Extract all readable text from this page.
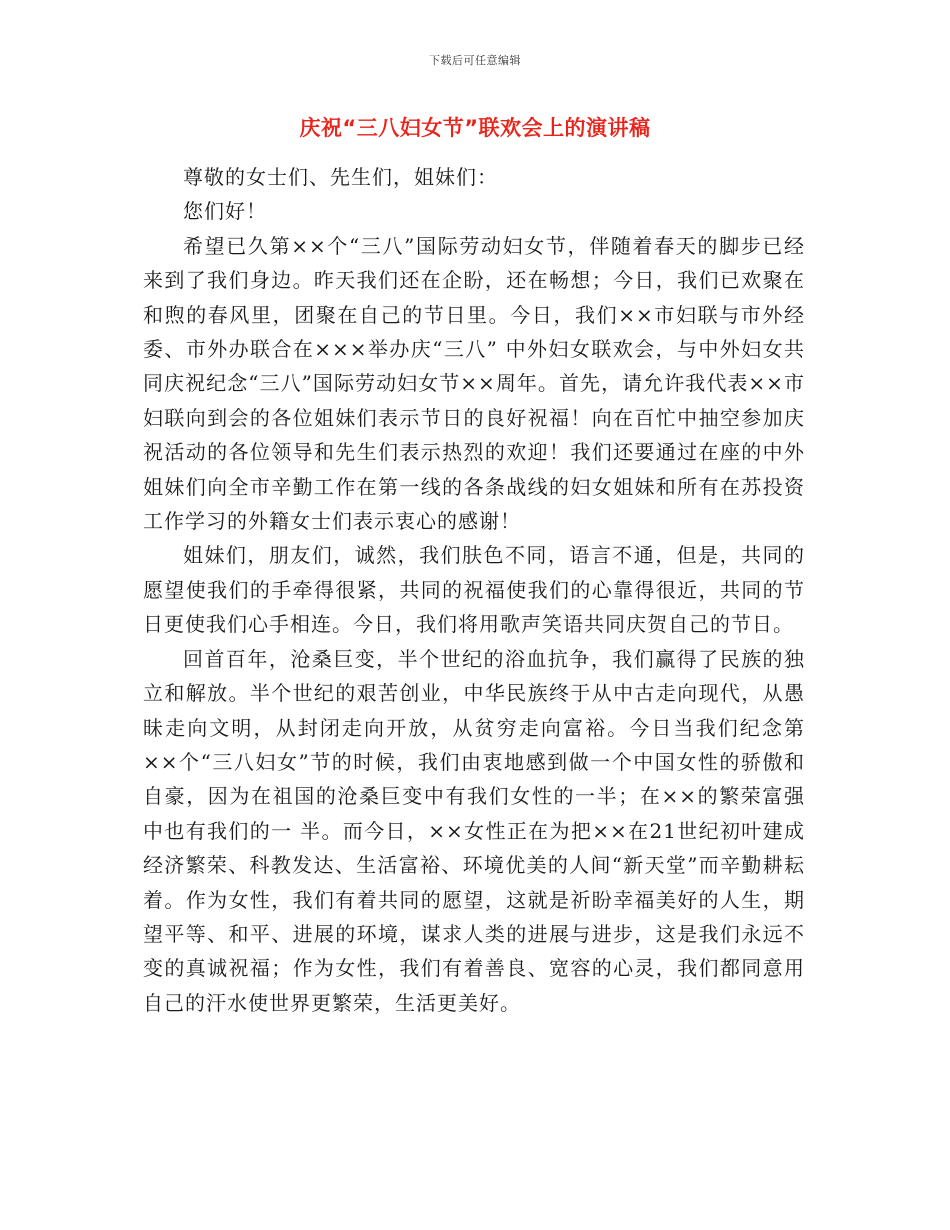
下载后可任意编辑
庆祝“三八妇女节”联欢会上的演讲稿

尊敬的女士们、先生们，姐妹们：

您们好！

希望已久第××个“三八”国际劳动妇女节，伴随着春天的脚步已经来到了我们身边。昨天我们还在企盼，还在畅想；今日，我们已欢聚在和煦的春风里，团聚在自己的节日里。今日，我们××市妇联与市外经委、市外办联合在×××举办庆“三八” 中外妇女联欢会，与中外妇女共同庆祝纪念“三八”国际劳动妇女节××周年。首先，请允许我代表××市妇联向到会的各位姐妹们表示节日的良好祝福！向在百忙中抽空参加庆祝活动的各位领导和先生们表示热烈的欢迎！我们还要通过在座的中外姐妹们向全市辛勤工作在第一线的各条战线的妇女姐妹和所有在苏投资工作学习的外籍女士们表示衷心的感谢！

姐妹们，朋友们，诚然，我们肤色不同，语言不通，但是，共同的愿望使我们的手牵得很紧，共同的祝福使我们的心靠得很近，共同的节日更使我们心手相连。今日，我们将用歌声笑语共同庆贺自己的节日。

回首百年，沧桑巨变，半个世纪的浴血抗争，我们赢得了民族的独立和解放。半个世纪的艰苦创业，中华民族终于从中古走向现代，从愚昧走向文明，从封闭走向开放，从贫穷走向富裕。今日当我们纪念第××个“三八妇女”节的时候，我们由衷地感到做一个中国女性的骄傲和自豪，因为在祖国的沧桑巨变中有我们女性的一半；在××的繁荣富强中也有我们的一 半。而今日，××女性正在为把××在21世纪初叶建成经济繁荣、科教发达、生活富裕、环境优美的人间“新天堂”而辛勤耕耘着。作为女性，我们有着共同的愿望，这就是祈盼幸福美好的人生，期望平等、和平、进展的环境，谋求人类的进展与进步，这是我们永远不变的真诚祝福；作为女性，我们有着善良、宽容的心灵，我们都同意用自己的汗水使世界更繁荣，生活更美好。
